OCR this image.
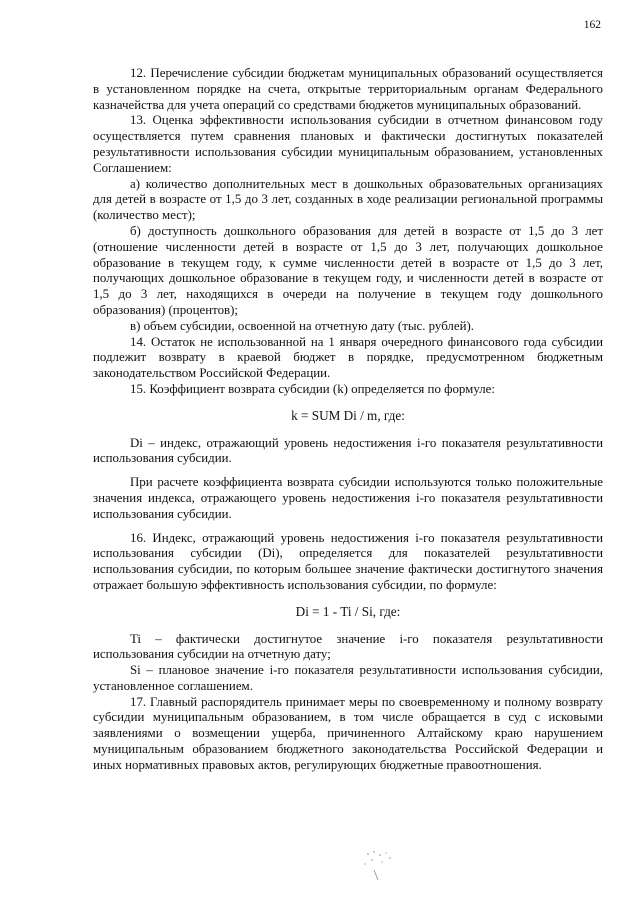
162

12. Перечисление субсидии бюджетам муниципальных образований осуществляется в установленном порядке на счета, открытые территориальным органам Федерального казначейства для учета операций со средствами бюджетов муниципальных образований.

13. Оценка эффективности использования субсидии в отчетном финансовом году осуществляется путем сравнения плановых и фактически достигнутых показателей результативности использования субсидии муниципальным образованием, установленных Соглашением:

а) количество дополнительных мест в дошкольных образовательных организациях для детей в возрасте от 1,5 до 3 лет, созданных в ходе реализации региональной программы (количество мест);

б) доступность дошкольного образования для детей в возрасте от 1,5 до 3 лет (отношение численности детей в возрасте от 1,5 до 3 лет, получающих дошкольное образование в текущем году, к сумме численности детей в возрасте от 1,5 до 3 лет, получающих дошкольное образование в текущем году, и численности детей в возрасте от 1,5 до 3 лет, находящихся в очереди на получение в текущем году дошкольного образования) (процентов);

в) объем субсидии, освоенной на отчетную дату (тыс. рублей).

14. Остаток не использованной на 1 января очередного финансового года субсидии подлежит возврату в краевой бюджет в порядке, предусмотренном бюджетным законодательством Российской Федерации.

15. Коэффициент возврата субсидии (k) определяется по формуле:

k = SUM Di / m, где:

Di – индекс, отражающий уровень недостижения i-го показателя результативности использования субсидии.

При расчете коэффициента возврата субсидии используются только положительные значения индекса, отражающего уровень недостижения i-го показателя результативности использования субсидии.

16. Индекс, отражающий уровень недостижения i-го показателя результативности использования субсидии (Di), определяется для показателей результативности использования субсидии, по которым большее значение фактически достигнутого значения отражает большую эффективность использования субсидии, по формуле:

Di = 1 - Ti / Si, где:

Ti – фактически достигнутое значение i-го показателя результативности использования субсидии на отчетную дату;

Si – плановое значение i-го показателя результативности использования субсидии, установленное соглашением.

17. Главный распорядитель принимает меры по своевременному и полному возврату субсидии муниципальным образованием, в том числе обращается в суд с исковыми заявлениями о возмещении ущерба, причиненного Алтайскому краю нарушением муниципальным образованием бюджетного законодательства Российской Федерации и иных нормативных правовых актов, регулирующих бюджетные правоотношения.
